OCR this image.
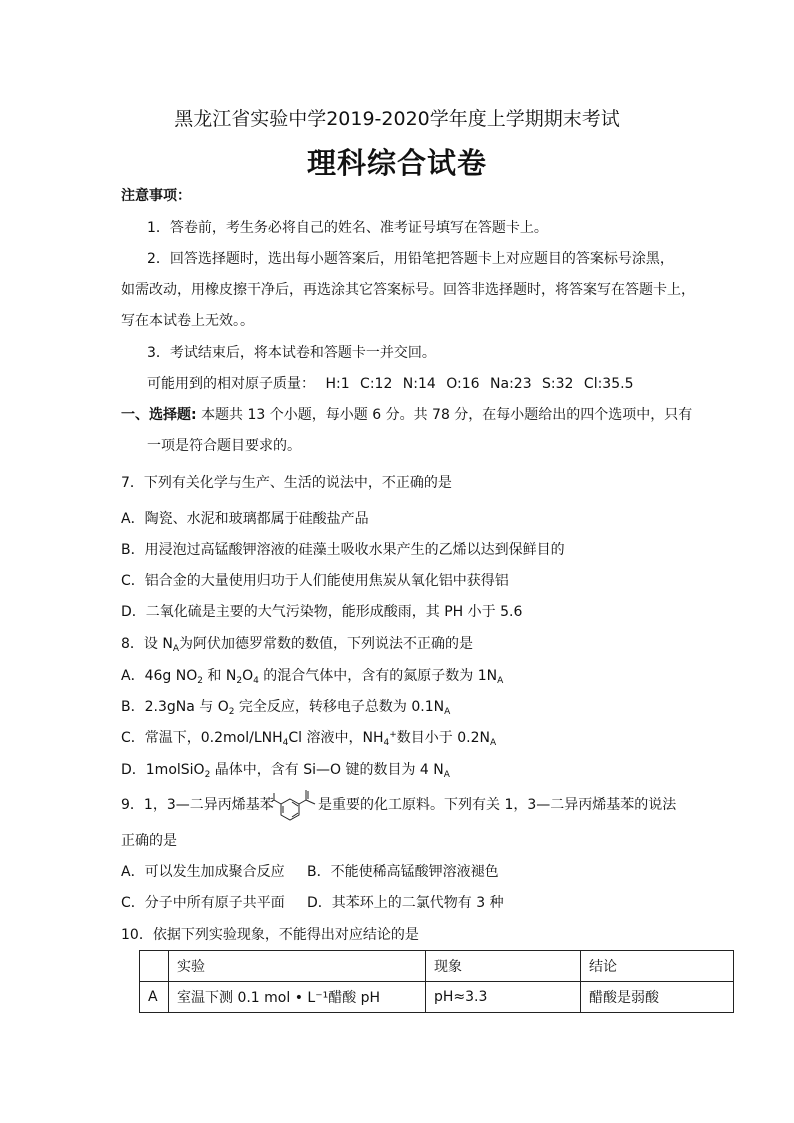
黑龙江省实验中学2019-2020学年度上学期期末考试
理科综合试卷
注意事项：
1．答卷前，考生务必将自己的姓名、准考证号填写在答题卡上。
2．回答选择题时，选出每小题答案后，用铅笔把答题卡上对应题目的答案标号涂黑，
如需改动，用橡皮擦干净后，再选涂其它答案标号。回答非选择题时，将答案写在答题卡上，
写在本试卷上无效。。
3．考试结束后，将本试卷和答题卡一并交回。
可能用到的相对原子质量： H:1 C:12 N:14 O:16 Na:23 S:32 Cl:35.5
一、选择题: 本题共 13 个小题，每小题 6 分。共 78 分，在每小题给出的四个选项中，只有
一项是符合题目要求的。
7．下列有关化学与生产、生活的说法中，不正确的是
A．陶瓷、水泥和玻璃都属于硅酸盐产品
B．用浸泡过高锰酸钾溶液的硅藻土吸收水果产生的乙烯以达到保鲜目的
C．铝合金的大量使用归功于人们能使用焦炭从氧化铝中获得铝
D．二氧化硫是主要的大气污染物，能形成酸雨，其 PH 小于 5.6
8．设 $N_A$为阿伏加德罗常数的数值，下列说法不正确的是
A．46g $NO_2$ 和 $N_2O_4$ 的混合气体中，含有的氮原子数为 $1N_A$
B．2.3gNa 与 $O_2$ 完全反应，转移电子总数为 $0.1N_A$
C．常温下，$0.2mol/LNH_4Cl$ 溶液中，$NH_4^+$数目小于 $0.2N_A$
D．1molSiO$_2$ 晶体中，含有 Si—O 键的数目为 4 $N_A$
9．1，3—二异丙烯基苯	是重要的化工原料。下列有关 1，3—二异丙烯基苯的说法
正确的是
A．可以发生加成聚合反应 B．不能使稀高锰酸钾溶液褪色
C．分子中所有原子共平面 D．其苯环上的二氯代物有 3 种
10．依据下列实验现象，不能得出对应结论的是
	实验	现象	结论
A	室温下测 0.1 mol • L⁻¹醋酸 pH	pH≈3.3	醋酸是弱酸
